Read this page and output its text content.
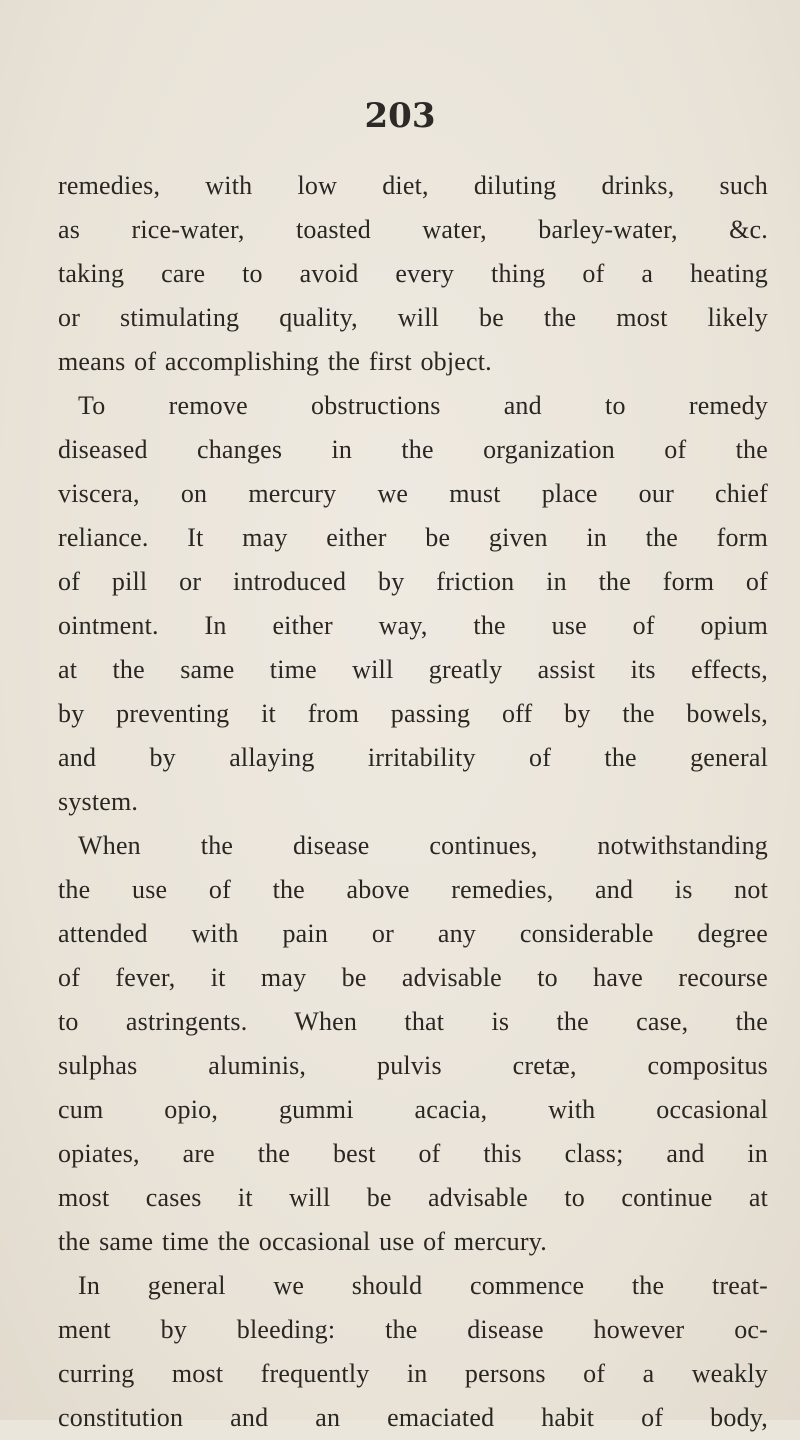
203
remedies, with low diet, diluting drinks, such
as rice-water, toasted water, barley-water, &c.
taking care to avoid every thing of a heating
or stimulating quality, will be the most likely
means of accomplishing the first object.
To remove obstructions and to remedy
diseased changes in the organization of the
viscera, on mercury we must place our chief
reliance. It may either be given in the form
of pill or introduced by friction in the form of
ointment. In either way, the use of opium
at the same time will greatly assist its effects,
by preventing it from passing off by the bowels,
and by allaying irritability of the general
system.
When the disease continues, notwithstanding
the use of the above remedies, and is not
attended with pain or any considerable degree
of fever, it may be advisable to have recourse
to astringents. When that is the case, the
sulphas aluminis, pulvis cretæ, compositus
cum opio, gummi acacia, with occasional
opiates, are the best of this class; and in
most cases it will be advisable to continue at
the same time the occasional use of mercury.
In general we should commence the treat-
ment by bleeding: the disease however oc-
curring most frequently in persons of a weakly
constitution and an emaciated habit of body,
